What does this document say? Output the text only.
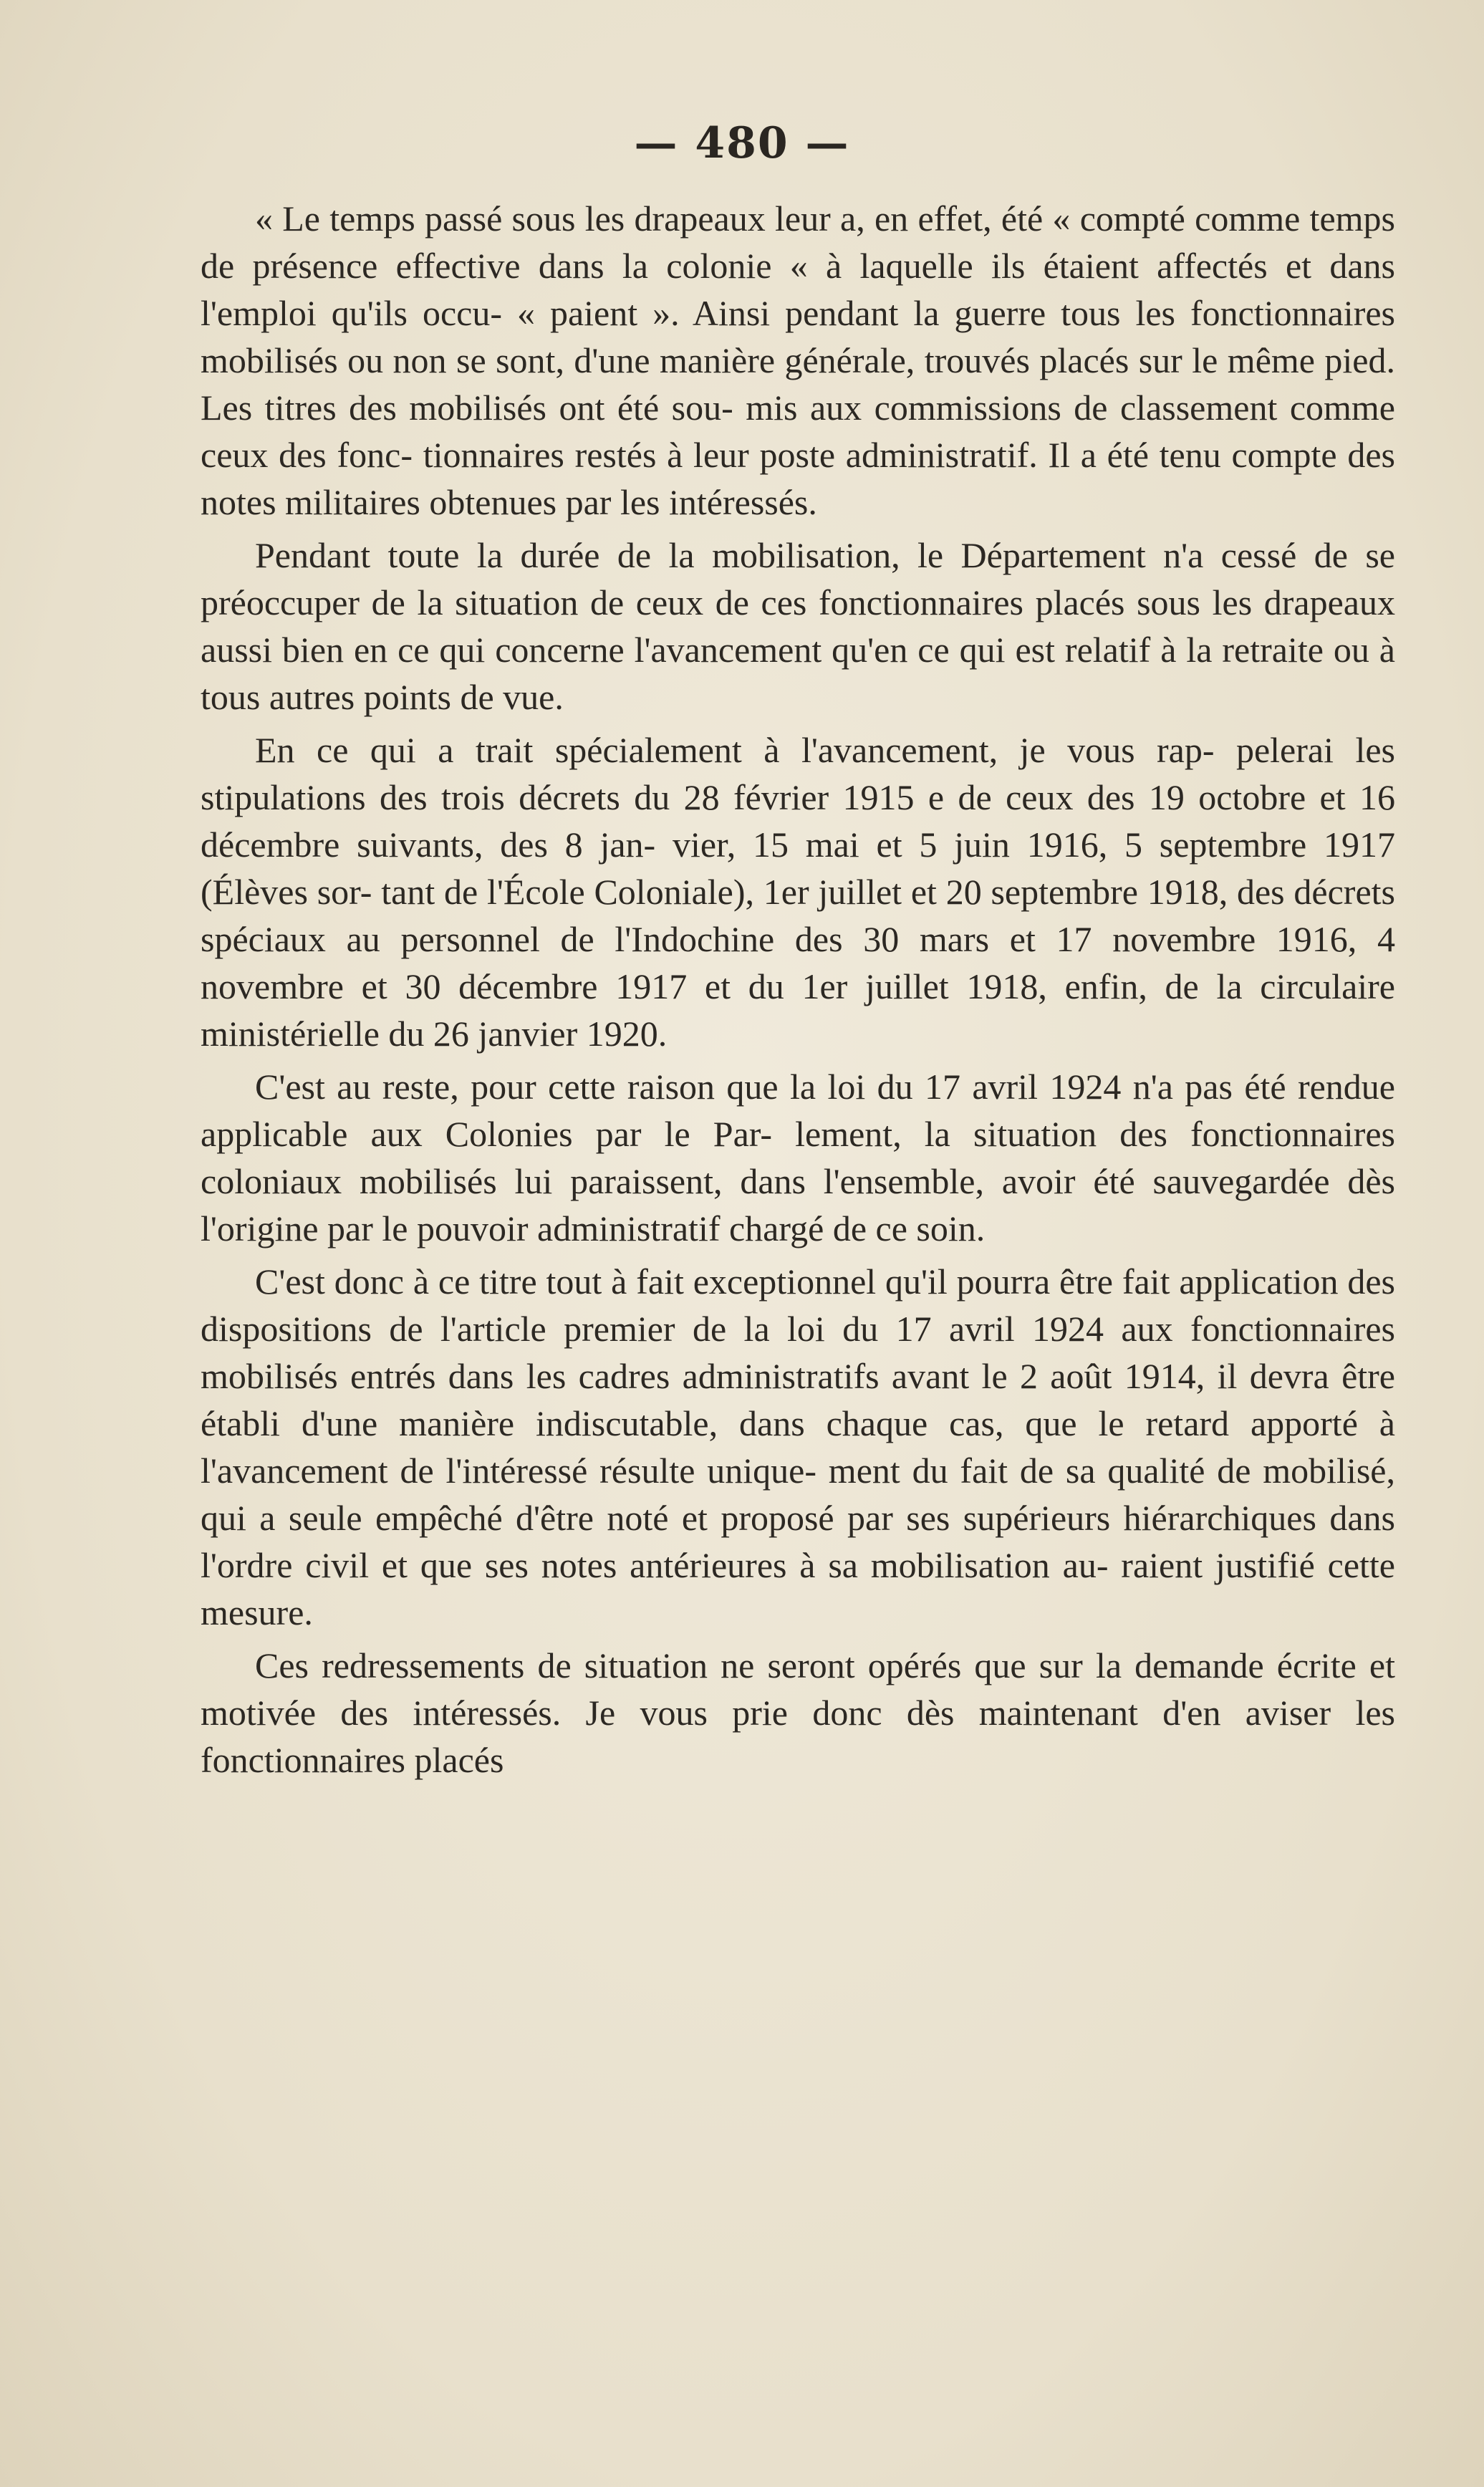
— 480 —

« Le temps passé sous les drapeaux leur a, en effet, été « compté comme temps de présence effective dans la colonie « à laquelle ils étaient affectés et dans l'emploi qu'ils occu- « paient ». Ainsi pendant la guerre tous les fonctionnaires mobilisés ou non se sont, d'une manière générale, trouvés placés sur le même pied. Les titres des mobilisés ont été sou- mis aux commissions de classement comme ceux des fonc- tionnaires restés à leur poste administratif. Il a été tenu compte des notes militaires obtenues par les intéressés.

Pendant toute la durée de la mobilisation, le Département n'a cessé de se préoccuper de la situation de ceux de ces fonctionnaires placés sous les drapeaux aussi bien en ce qui concerne l'avancement qu'en ce qui est relatif à la retraite ou à tous autres points de vue.

En ce qui a trait spécialement à l'avancement, je vous rap- pelerai les stipulations des trois décrets du 28 février 1915 e de ceux des 19 octobre et 16 décembre suivants, des 8 jan- vier, 15 mai et 5 juin 1916, 5 septembre 1917 (Élèves sor- tant de l'École Coloniale), 1er juillet et 20 septembre 1918, des décrets spéciaux au personnel de l'Indochine des 30 mars et 17 novembre 1916, 4 novembre et 30 décembre 1917 et du 1er juillet 1918, enfin, de la circulaire ministérielle du 26 janvier 1920.

C'est au reste, pour cette raison que la loi du 17 avril 1924 n'a pas été rendue applicable aux Colonies par le Par- lement, la situation des fonctionnaires coloniaux mobilisés lui paraissent, dans l'ensemble, avoir été sauvegardée dès l'origine par le pouvoir administratif chargé de ce soin.

C'est donc à ce titre tout à fait exceptionnel qu'il pourra être fait application des dispositions de l'article premier de la loi du 17 avril 1924 aux fonctionnaires mobilisés entrés dans les cadres administratifs avant le 2 août 1914, il devra être établi d'une manière indiscutable, dans chaque cas, que le retard apporté à l'avancement de l'intéressé résulte unique- ment du fait de sa qualité de mobilisé, qui a seule empêché d'être noté et proposé par ses supérieurs hiérarchiques dans l'ordre civil et que ses notes antérieures à sa mobilisation au- raient justifié cette mesure.

Ces redressements de situation ne seront opérés que sur la demande écrite et motivée des intéressés. Je vous prie donc dès maintenant d'en aviser les fonctionnaires placés
